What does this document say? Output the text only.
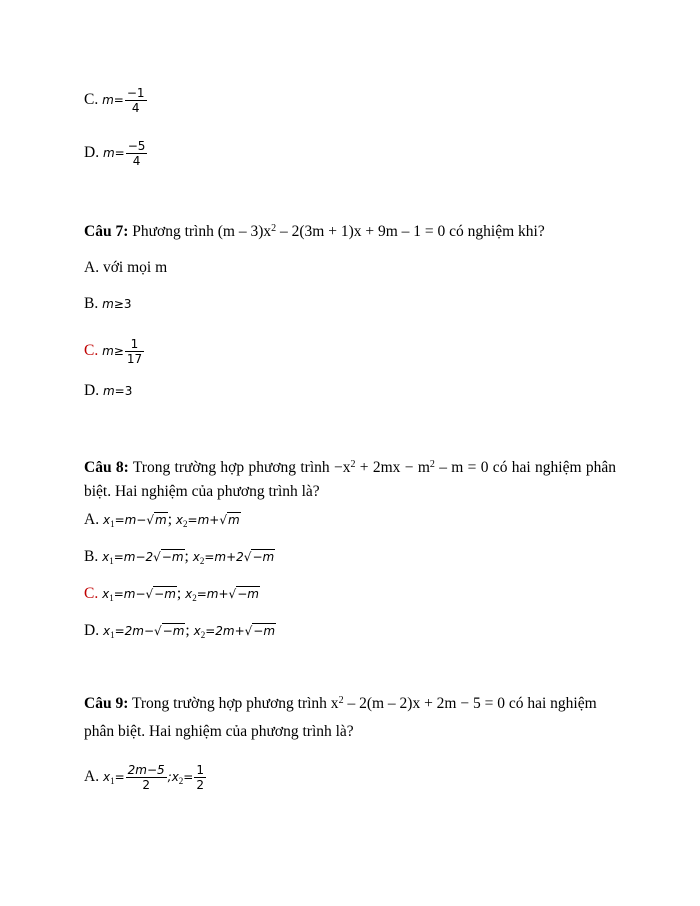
C. $m= \frac{-1}{4}$
D. $m= \frac{-5}{4}$
Câu 7: Phương trình $(m - 3)x^2 - 2(3m + 1)x + 9m - 1 = 0$ có nghiệm khi?
A. với mọi m
B. m≥3
C. $m\ge \frac{1}{17}$
D. m=3
Câu 8: Trong trường hợp phương trình $-x^2 + 2mx - m^2 - m = 0$ có hai nghiệm phân biệt. Hai nghiệm của phương trình là?
A. $x_1=m-√m$; $x_2=m+√m$
B. $x_1=m-2√-m$; $x_2=m+2√-m$
C. $x_1=m-√-m$; $x_2=m+√-m$
D. $x_1=2m-√-m$; $x_2=2m+√-m$
Câu 9: Trong trường hợp phương trình $x^2 - 2(m - 2)x + 2m - 5 = 0$ có hai nghiệm
phân biệt. Hai nghiệm của phương trình là?
A. $x_1= \frac{2m-5}{2}$ $;x_2= \frac{1}{2}$
